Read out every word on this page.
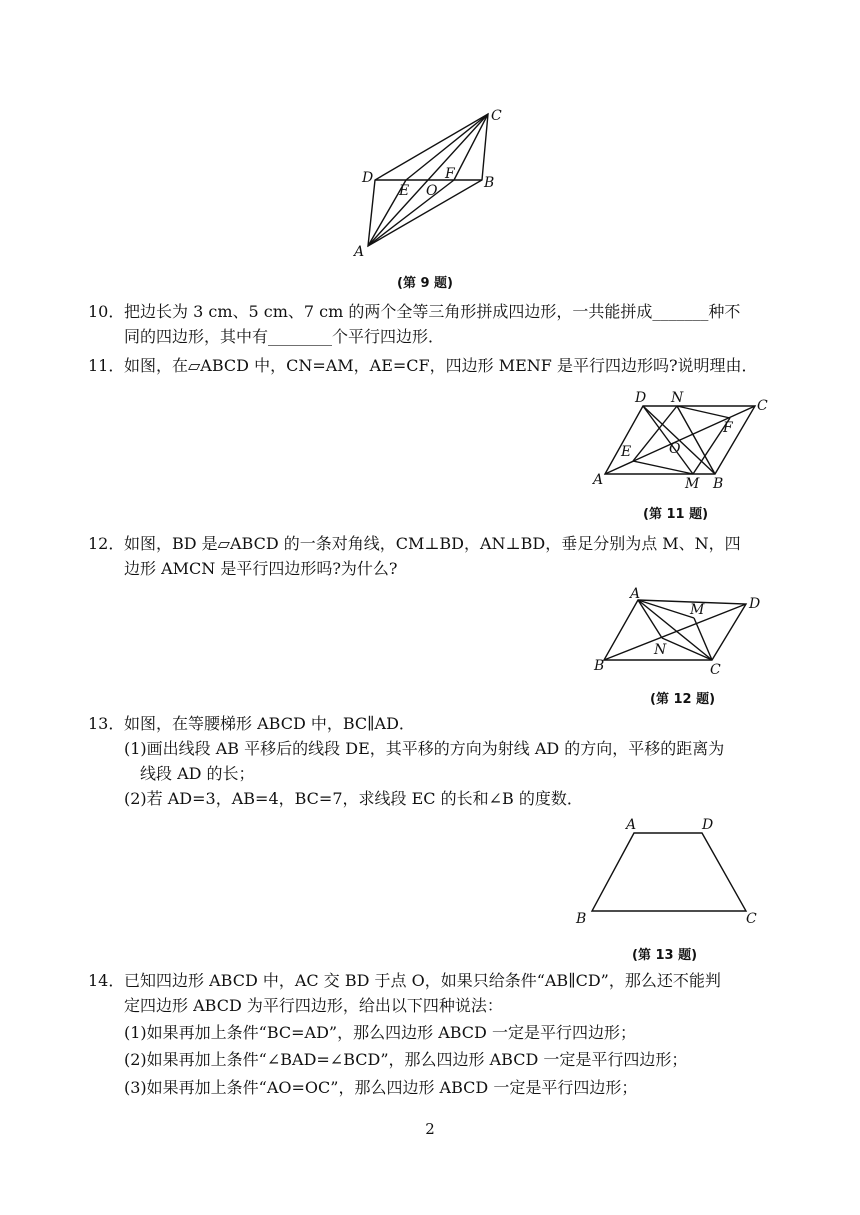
C
D
E O
F
B
A
(第 9 题)
10．把边长为 3 cm、5 cm、7 cm 的两个全等三角形拼成四边形，一共能拼成_______种不
同的四边形，其中有________个平行四边形．
11．如图，在▱ABCD 中，CN=AM，AE=CF，四边形 MENF 是平行四边形吗?说明理由．
D N	C
F
O
E
A	M B
(第 11 题)
12．如图，BD 是▱ABCD 的一条对角线，CM⊥BD，AN⊥BD，垂足分别为点 M、N，四
边形 AMCN 是平行四边形吗?为什么?
A
M	D
N
B	C
(第 12 题)
13．如图，在等腰梯形 ABCD 中，BC∥AD．
(1)画出线段 AB 平移后的线段 DE，其平移的方向为射线 AD 的方向，平移的距离为
线段 AD 的长；
(2)若 AD=3，AB=4，BC=7，求线段 EC 的长和∠B 的度数．
A	D
B	C
(第 13 题)
14．已知四边形 ABCD 中，AC 交 BD 于点 O，如果只给条件“AB∥CD”，那么还不能判
定四边形 ABCD 为平行四边形，给出以下四种说法：
(1)如果再加上条件“BC=AD”，那么四边形 ABCD 一定是平行四边形；
(2)如果再加上条件“∠BAD=∠BCD”，那么四边形 ABCD 一定是平行四边形；
(3)如果再加上条件“AO=OC”，那么四边形 ABCD 一定是平行四边形；
2
